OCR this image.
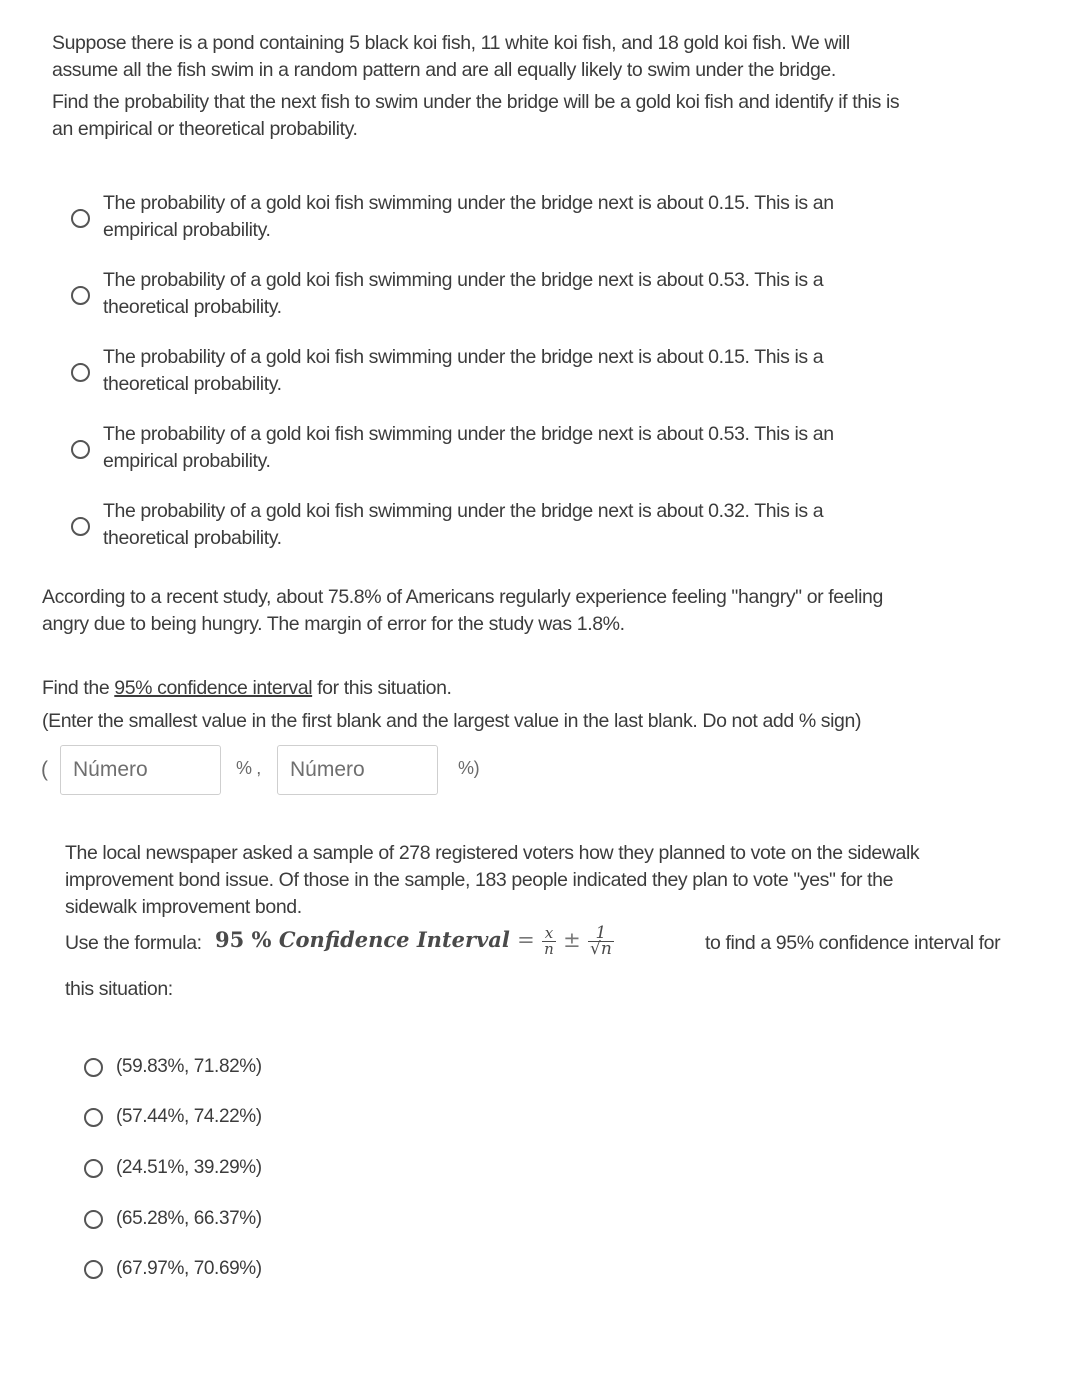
Suppose there is a pond containing 5 black koi fish, 11 white koi fish, and 18 gold koi fish. We will
assume all the fish swim in a random pattern and are all equally likely to swim under the bridge.

Find the probability that the next fish to swim under the bridge will be a gold koi fish and identify if this is
an empirical or theoretical probability.

The probability of a gold koi fish swimming under the bridge next is about 0.15. This is an
empirical probability.
The probability of a gold koi fish swimming under the bridge next is about 0.53. This is a
theoretical probability.
The probability of a gold koi fish swimming under the bridge next is about 0.15. This is a
theoretical probability.
The probability of a gold koi fish swimming under the bridge next is about 0.53. This is an
empirical probability.
The probability of a gold koi fish swimming under the bridge next is about 0.32. This is a
theoretical probability.
According to a recent study, about 75.8% of Americans regularly experience feeling "hangry" or feeling
angry due to being hungry. The margin of error for the study was 1.8%.
Find the 95% confidence interval for this situation.
(Enter the smallest value in the first blank and the largest value in the last blank. Do not add % sign)
(
Número	% ,
Número	%)
The local newspaper asked a sample of 278 registered voters how they planned to vote on the sidewalk
improvement bond issue. Of those in the sample, 183 people indicated they plan to vote "yes" for the
sidewalk improvement bond.
Use the formula: 95 % Confidence Interval = $\frac{x}{n} \pm \frac{1}{√n}$	to find a 95% confidence interval for
this situation:
(59.83%, 71.82%)
(57.44%, 74.22%)
(24.51%, 39.29%)
(65.28%, 66.37%)
(67.97%, 70.69%)
